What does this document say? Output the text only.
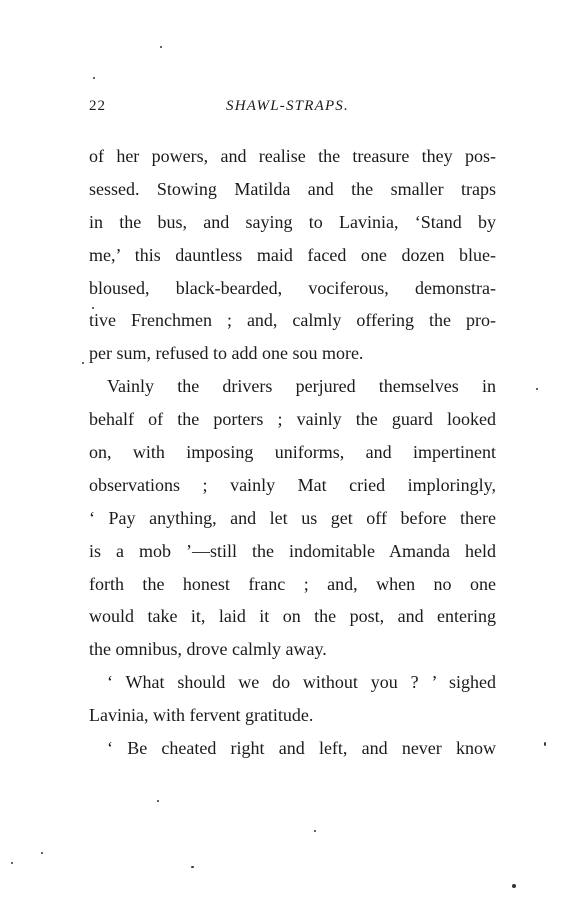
22	SHAWL-STRAPS.
of her powers, and realise the treasure they pos-
sessed. Stowing Matilda and the smaller traps
in the bus, and saying to Lavinia, ‘Stand by
me,’ this dauntless maid faced one dozen blue-
bloused, black-bearded, vociferous, demonstra-
tive Frenchmen ; and, calmly offering the pro-
per sum, refused to add one sou more.
Vainly the drivers perjured themselves in
behalf of the porters ; vainly the guard looked
on, with imposing uniforms, and impertinent
observations ; vainly Mat cried imploringly,
‘ Pay anything, and let us get off before there
is a mob ’—still the indomitable Amanda held
forth the honest franc ; and, when no one
would take it, laid it on the post, and entering
the omnibus, drove calmly away.
‘ What should we do without you ? ’ sighed
Lavinia, with fervent gratitude.
‘ Be cheated right and left, and never know
